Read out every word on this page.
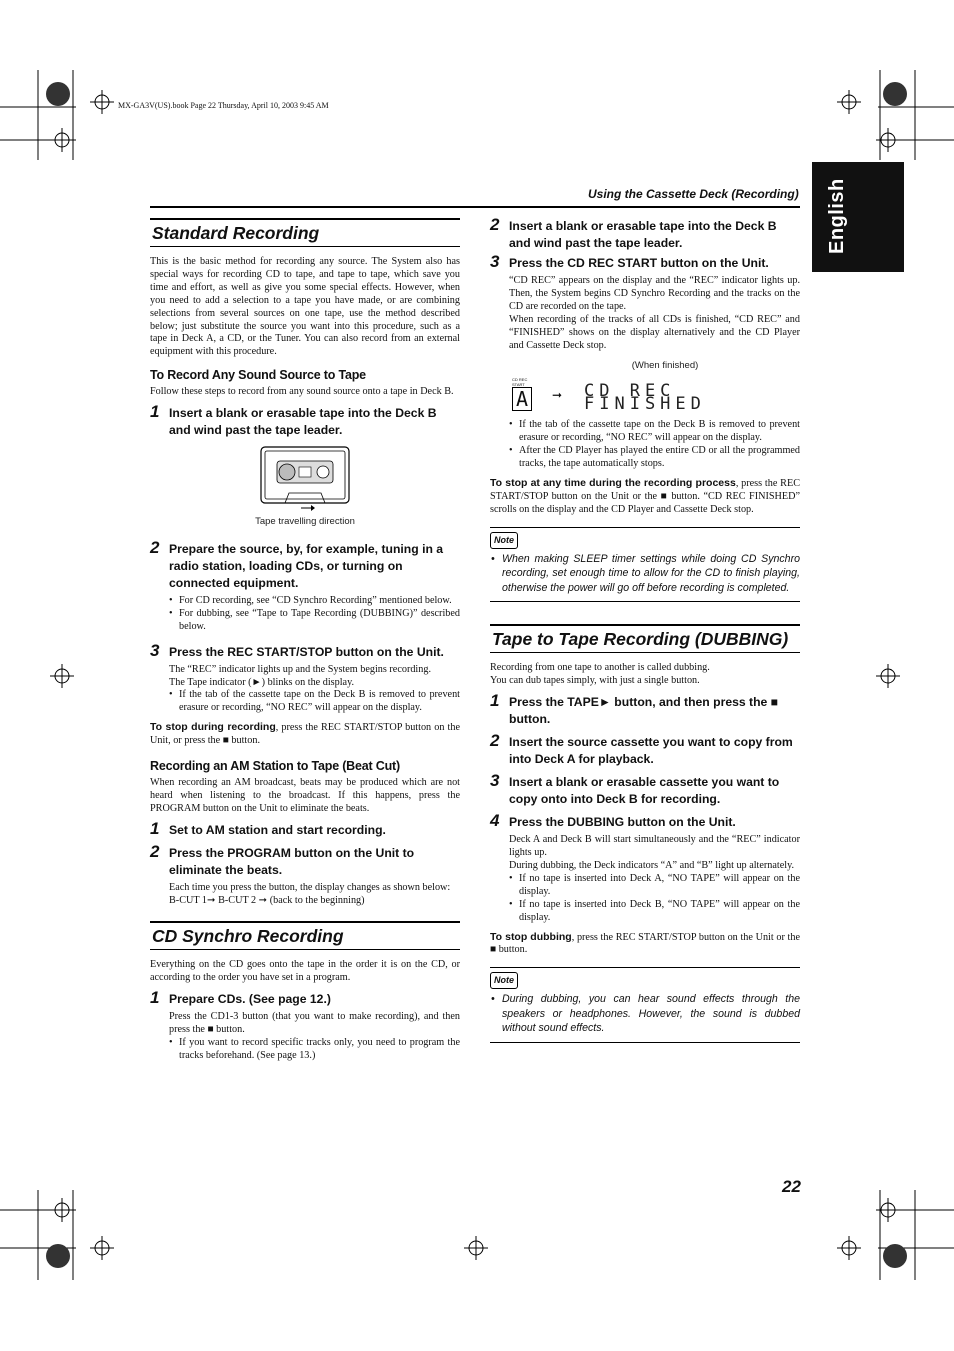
MX-GA3V(US).book Page 22 Thursday, April 10, 2003 9:45 AM
Using the Cassette Deck (Recording) English
Standard Recording

This is the basic method for recording any source. The System also has special ways for recording CD to tape, and tape to tape, which save you time and effort, as well as give you some special effects. However, when you need to add a selection to a tape you have made, or are combining selections from several sources on one tape, use the method described below; just substitute the source you want into this procedure, such as a tape in Deck A, a CD, or the Tuner. You can also record from an external equipment with this procedure.

To Record Any Sound Source to Tape

Follow these steps to record from any sound source onto a tape in Deck B.

1 Insert a blank or erasable tape into the Deck B and wind past the tape leader.
Tape travelling direction
2 Prepare the source, by, for example, tuning in a radio station, loading CDs, or turning on connected equipment.
• For CD recording, see “CD Synchro Recording” mentioned below.
• For dubbing, see “Tape to Tape Recording (DUBBING)” described below.
3 Press the REC START/STOP button on the Unit.
The “REC” indicator lights up and the System begins recording.
The Tape indicator (►) blinks on the display.
• If the tab of the cassette tape on the Deck B is removed to prevent erasure or recording, “NO REC” will appear on the display.
To stop during recording, press the REC START/STOP button on the Unit, or press the ■ button.
Recording an AM Station to Tape (Beat Cut)

When recording an AM broadcast, beats may be produced which are not heard when listening to the broadcast. If this happens, press the PROGRAM button on the Unit to eliminate the beats.

1 Set to AM station and start recording.
2 Press the PROGRAM button on the Unit to eliminate the beats.
Each time you press the button, the display changes as shown below:
B-CUT 1➞ B-CUT 2 ➞ (back to the beginning)
CD Synchro Recording

Everything on the CD goes onto the tape in the order it is on the CD, or according to the order you have set in a program.

1 Prepare CDs. (See page 12.)
Press the CD1-3 button (that you want to make recording), and then press the ■ button.
• If you want to record specific tracks only, you need to program the tracks beforehand. (See page 13.)
2 Insert a blank or erasable tape into the Deck B and wind past the tape leader.
3 Press the CD REC START button on the Unit.
“CD REC” appears on the display and the “REC” indicator lights up. Then, the System begins CD Synchro Recording and the tracks on the CD are recorded on the tape.
When recording of the tracks of all CDs is finished, “CD REC” and “FINISHED” shows on the display alternatively and the CD Player and Cassette Deck stop.
(When finished)
CD REC START
A	➞ CD REC FINISHED
• If the tab of the cassette tape on the Deck B is removed to prevent erasure or recording, “NO REC” will appear on the display.
• After the CD Player has played the entire CD or all the programmed tracks, the tape automatically stops.
To stop at any time during the recording process, press the REC START/STOP button on the Unit or the ■ button. “CD REC FINISHED” scrolls on the display and the CD Player and Cassette Deck stop.
Note
• When making SLEEP timer settings while doing CD Synchro recording, set enough time to allow for the CD to finish playing, otherwise the power will go off before recording is completed.
Tape to Tape Recording (DUBBING)
Recording from one tape to another is called dubbing.
You can dub tapes simply, with just a single button.
1 Press the TAPE► button, and then press the ■ button.
2 Insert the source cassette you want to copy from into Deck A for playback.
3 Insert a blank or erasable cassette you want to copy onto into Deck B for recording.
4 Press the DUBBING button on the Unit.
Deck A and Deck B will start simultaneously and the “REC” indicator lights up.
During dubbing, the Deck indicators “A” and “B” light up alternately.
• If no tape is inserted into Deck A, “NO TAPE” will appear on the display.
• If no tape is inserted into Deck B, “NO TAPE” will appear on the display.
To stop dubbing, press the REC START/STOP button on the Unit or the ■ button.
Note
• During dubbing, you can hear sound effects through the speakers or headphones. However, the sound is dubbed without sound effects.
22
